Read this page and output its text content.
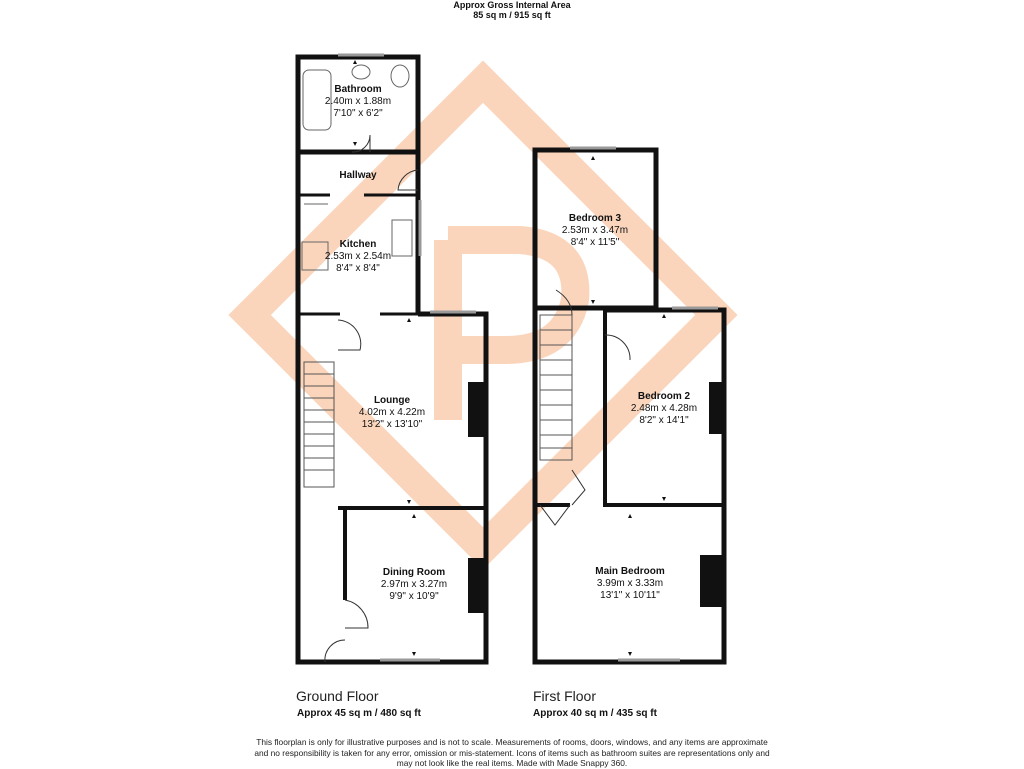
Approx Gross Internal Area
85 sq m / 915 sq ft
Bathroom
2.40m x 1.88m
7'10" x 6'2"
Hallway
Kitchen
2.53m x 2.54m
8'4" x 8'4"
Lounge
4.02m x 4.22m
13'2" x 13'10"
Dining Room
2.97m x 3.27m
9'9" x 10'9"
Bedroom 3
2.53m x 3.47m
8'4" x 11'5"
Bedroom 2
2.48m x 4.28m
8'2" x 14'1"
Main Bedroom
3.99m x 3.33m
13'1" x 10'11"
Ground Floor
Approx 45 sq m / 480 sq ft
First Floor
Approx 40 sq m / 435 sq ft
This floorplan is only for illustrative purposes and is not to scale. Measurements of rooms, doors, windows, and any items are approximate
and no responsibility is taken for any error, omission or mis-statement. Icons of items such as bathroom suites are representations only and
may not look like the real items. Made with Made Snappy 360.
